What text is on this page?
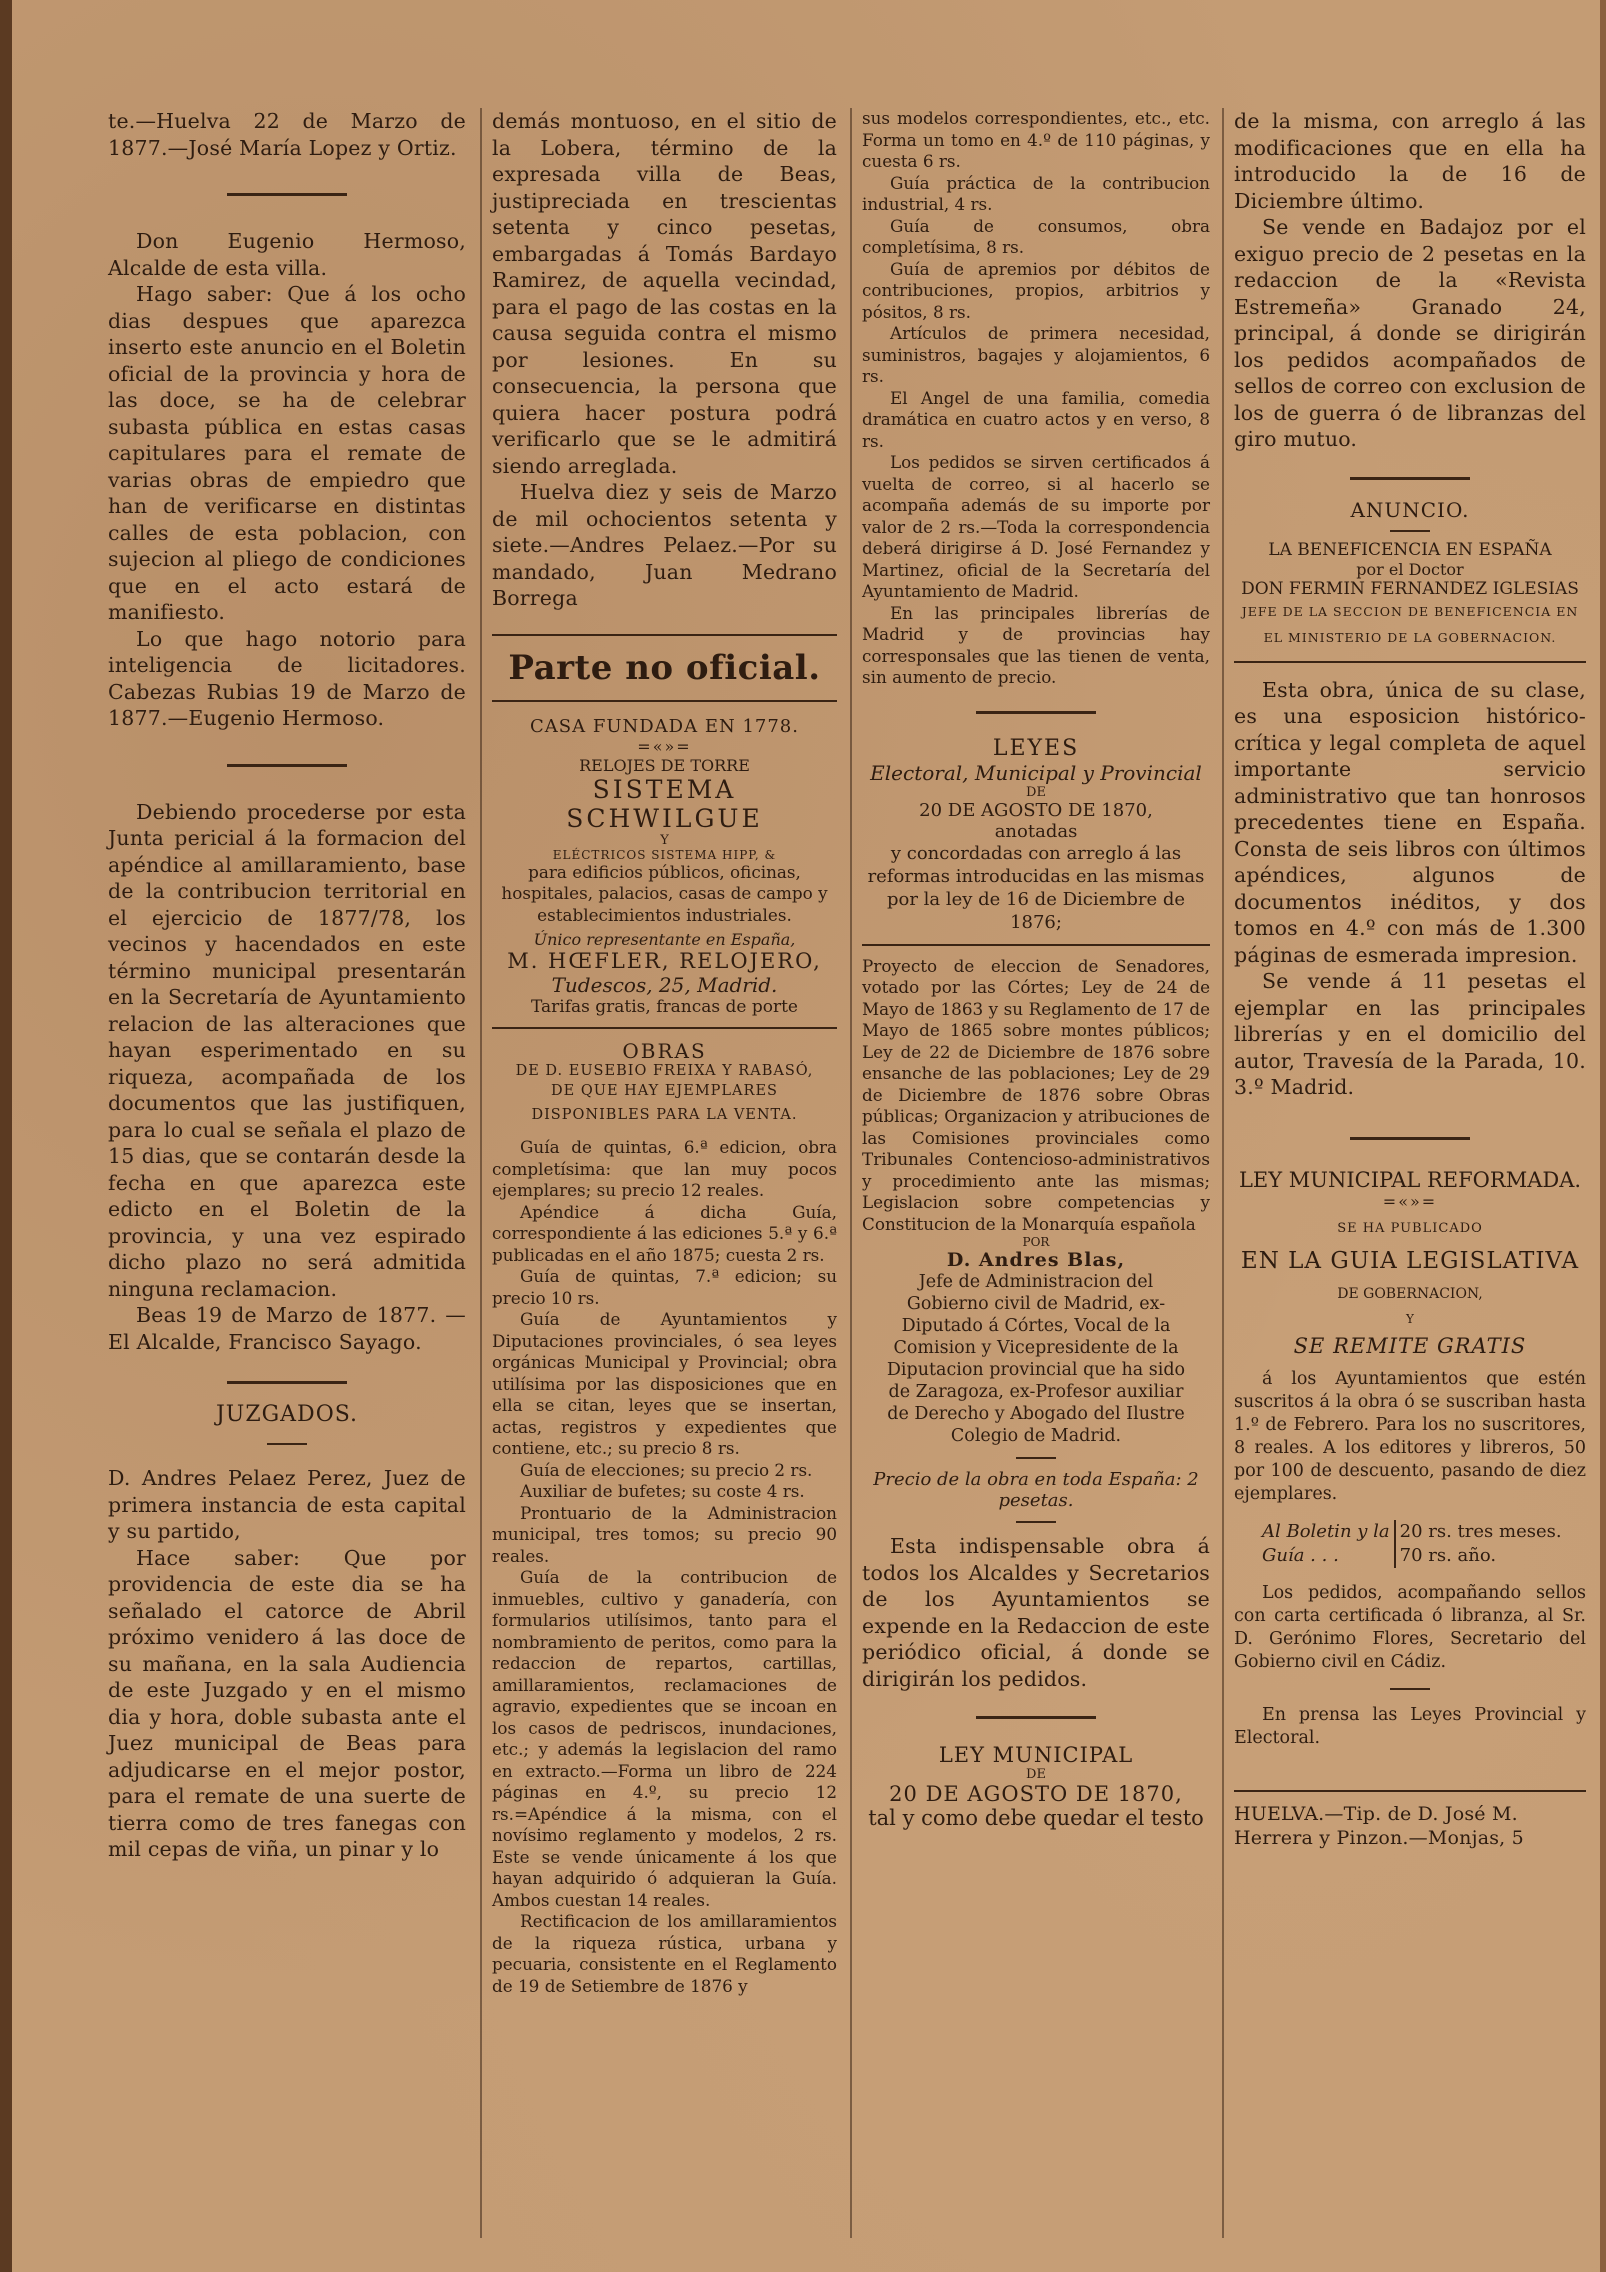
te.—Huelva 22 de Marzo de 1877.—José María Lopez y Ortiz.

Don Eugenio Hermoso, Alcalde de esta villa.

Hago saber: Que á los ocho dias despues que aparezca inserto este anuncio en el Boletin oficial de la provincia y hora de las doce, se ha de celebrar subasta pública en estas casas capitulares para el remate de varias obras de empiedro que han de verificarse en distintas calles de esta poblacion, con sujecion al pliego de condiciones que en el acto estará de manifiesto.

Lo que hago notorio para inteligencia de licitadores. Cabezas Rubias 19 de Marzo de 1877.—Eugenio Hermoso.

Debiendo procederse por esta Junta pericial á la formacion del apéndice al amillaramiento, base de la contribucion territorial en el ejercicio de 1877/78, los vecinos y hacendados en este término municipal presentarán en la Secretaría de Ayuntamiento relacion de las alteraciones que hayan esperimentado en su riqueza, acompañada de los documentos que las justifiquen, para lo cual se señala el plazo de 15 dias, que se contarán desde la fecha en que aparezca este edicto en el Boletin de la provincia, y una vez espirado dicho plazo no será admitida ninguna reclamacion.

Beas 19 de Marzo de 1877. —El Alcalde, Francisco Sayago.

JUZGADOS.

D. Andres Pelaez Perez, Juez de primera instancia de esta capital y su partido,

Hace saber: Que por providencia de este dia se ha señalado el catorce de Abril próximo venidero á las doce de su mañana, en la sala Audiencia de este Juzgado y en el mismo dia y hora, doble subasta ante el Juez municipal de Beas para adjudicarse en el mejor postor, para el remate de una suerte de tierra como de tres fanegas con mil cepas de viña, un pinar y lo

demás montuoso, en el sitio de la Lobera, término de la expresada villa de Beas, justipreciada en trescientas setenta y cinco pesetas, embargadas á Tomás Bardayo Ramirez, de aquella vecindad, para el pago de las costas en la causa seguida contra el mismo por lesiones. En su consecuencia, la persona que quiera hacer postura podrá verificarlo que se le admitirá siendo arreglada.

Huelva diez y seis de Marzo de mil ochocientos setenta y siete.—Andres Pelaez.—Por su mandado, Juan Medrano Borrega

Parte no oficial.

CASA FUNDADA EN 1778.

=«»=

RELOJES DE TORRE

SISTEMA SCHWILGUE

Y

ELÉCTRICOS SISTEMA HIPP, &

para edificios públicos, oficinas, hospitales, palacios, casas de campo y establecimientos industriales.

Único representante en España,

M. HŒFLER, RELOJERO,

Tudescos, 25, Madrid.

Tarifas gratis, francas de porte

OBRAS

DE D. EUSEBIO FREIXA Y RABASÓ,

DE QUE HAY EJEMPLARES DISPONIBLES PARA LA VENTA.

Guía de quintas, 6.ª edicion, obra completísima: que lan muy pocos ejemplares; su precio 12 reales.

Apéndice á dicha Guía, correspondiente á las ediciones 5.ª y 6.ª publicadas en el año 1875; cuesta 2 rs.

Guía de quintas, 7.ª edicion; su precio 10 rs.

Guía de Ayuntamientos y Diputaciones provinciales, ó sea leyes orgánicas Municipal y Provincial; obra utilísima por las disposiciones que en ella se citan, leyes que se insertan, actas, registros y expedientes que contiene, etc.; su precio 8 rs.

Guía de elecciones; su precio 2 rs.

Auxiliar de bufetes; su coste 4 rs.

Prontuario de la Administracion municipal, tres tomos; su precio 90 reales.

Guía de la contribucion de inmuebles, cultivo y ganadería, con formularios utilísimos, tanto para el nombramiento de peritos, como para la redaccion de repartos, cartillas, amillaramientos, reclamaciones de agravio, expedientes que se incoan en los casos de pedriscos, inundaciones, etc.; y además la legislacion del ramo en extracto.—Forma un libro de 224 páginas en 4.º, su precio 12 rs.=Apéndice á la misma, con el novísimo reglamento y modelos, 2 rs. Este se vende únicamente á los que hayan adquirido ó adquieran la Guía. Ambos cuestan 14 reales.

Rectificacion de los amillaramientos de la riqueza rústica, urbana y pecuaria, consistente en el Reglamento de 19 de Setiembre de 1876 y

sus modelos correspondientes, etc., etc. Forma un tomo en 4.º de 110 páginas, y cuesta 6 rs.

Guía práctica de la contribucion industrial, 4 rs.

Guía de consumos, obra completísima, 8 rs.

Guía de apremios por débitos de contribuciones, propios, arbitrios y pósitos, 8 rs.

Artículos de primera necesidad, suministros, bagajes y alojamientos, 6 rs.

El Angel de una familia, comedia dramática en cuatro actos y en verso, 8 rs.

Los pedidos se sirven certificados á vuelta de correo, si al hacerlo se acompaña además de su importe por valor de 2 rs.—Toda la correspondencia deberá dirigirse á D. José Fernandez y Martinez, oficial de la Secretaría del Ayuntamiento de Madrid.

En las principales librerías de Madrid y de provincias hay corresponsales que las tienen de venta, sin aumento de precio.

LEYES

Electoral, Municipal y Provincial

DE

20 DE AGOSTO DE 1870,

anotadas

y concordadas con arreglo á las reformas introducidas en las mismas por la ley de 16 de Diciembre de 1876;

Proyecto de eleccion de Senadores, votado por las Córtes; Ley de 24 de Mayo de 1863 y su Reglamento de 17 de Mayo de 1865 sobre montes públicos; Ley de 22 de Diciembre de 1876 sobre ensanche de las poblaciones; Ley de 29 de Diciembre de 1876 sobre Obras públicas; Organizacion y atribuciones de las Comisiones provinciales como Tribunales Contencioso-administrativos y procedimiento ante las mismas; Legislacion sobre competencias y Constitucion de la Monarquía española

POR

D. Andres Blas,

Jefe de Administracion del Gobierno civil de Madrid, ex-Diputado á Córtes, Vocal de la Comision y Vicepresidente de la Diputacion provincial que ha sido de Zaragoza, ex-Profesor auxiliar de Derecho y Abogado del Ilustre Colegio de Madrid.

Precio de la obra en toda España: 2 pesetas.

Esta indispensable obra á todos los Alcaldes y Secretarios de los Ayuntamientos se expende en la Redaccion de este periódico oficial, á donde se dirigirán los pedidos.

LEY MUNICIPAL

DE

20 DE AGOSTO DE 1870,

tal y como debe quedar el testo

de la misma, con arreglo á las modificaciones que en ella ha introducido la de 16 de Diciembre último.

Se vende en Badajoz por el exiguo precio de 2 pesetas en la redaccion de la «Revista Estremeña» Granado 24, principal, á donde se dirigirán los pedidos acompañados de sellos de correo con exclusion de los de guerra ó de libranzas del giro mutuo.

ANUNCIO.

LA BENEFICENCIA EN ESPAÑA

por el Doctor

DON FERMIN FERNANDEZ IGLESIAS

JEFE DE LA SECCION DE BENEFICENCIA EN EL MINISTERIO DE LA GOBERNACION.

Esta obra, única de su clase, es una esposicion histórico-crítica y legal completa de aquel importante servicio administrativo que tan honrosos precedentes tiene en España. Consta de seis libros con últimos apéndices, algunos de documentos inéditos, y dos tomos en 4.º con más de 1.300 páginas de esmerada impresion.

Se vende á 11 pesetas el ejemplar en las principales librerías y en el domicilio del autor, Travesía de la Parada, 10. 3.º Madrid.

LEY MUNICIPAL REFORMADA.

=«»=

SE HA PUBLICADO

EN LA GUIA LEGISLATIVA

DE GOBERNACION,

Y

SE REMITE GRATIS

á los Ayuntamientos que estén suscritos á la obra ó se suscriban hasta 1.º de Febrero. Para los no suscritores, 8 reales. A los editores y libreros, 50 por 100 de descuento, pasando de diez ejemplares.

Al Boletin y la
Guía . . .
20 rs. tres meses.
70 rs. año.

Los pedidos, acompañando sellos con carta certificada ó libranza, al Sr. D. Gerónimo Flores, Secretario del Gobierno civil en Cádiz.

En prensa las Leyes Provincial y Electoral.

HUELVA.—Tip. de D. José M. Herrera y Pinzon.—Monjas, 5
